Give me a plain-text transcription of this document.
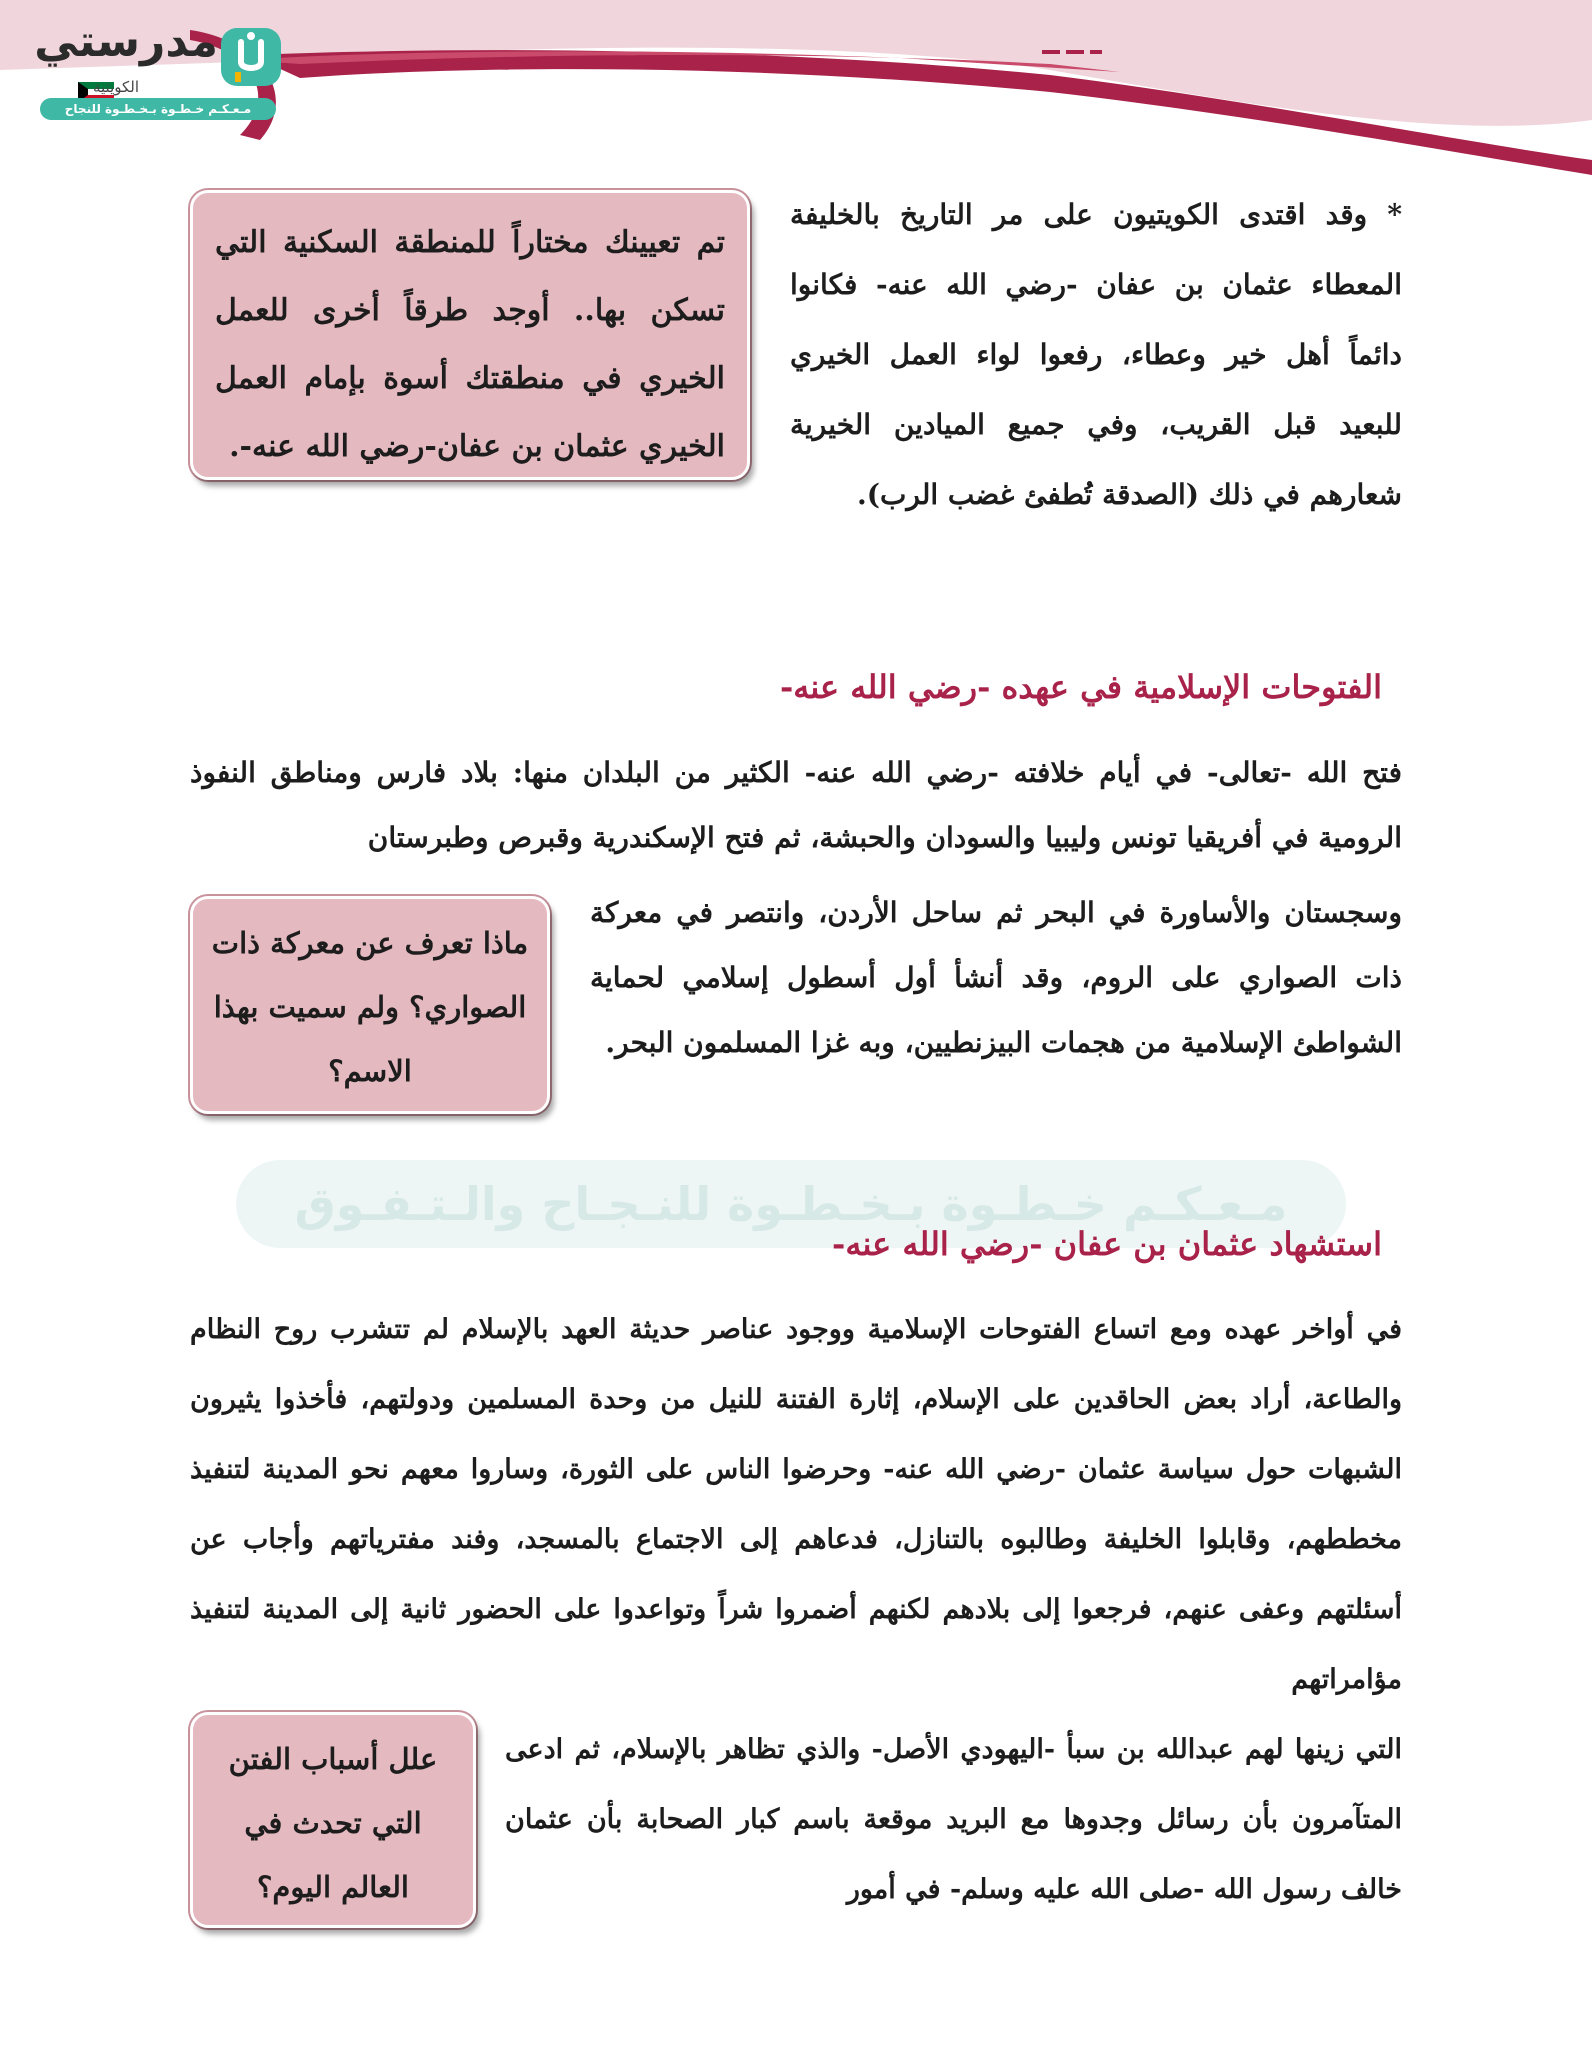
مدرستي
الكويتية
مـعـكـم خـطـوة بـخـطـوة للنجاح والتفوق
مـعـكـم خـطـوة بـخـطـوة للنـجـاح والـتـفـوق

* وقد اقتدى الكويتيون على مر التاريخ بالخليفة المعطاء عثمان بن عفان -رضي الله عنه- فكانوا دائماً أهل خير وعطاء، رفعوا لواء العمل الخيري للبعيد قبل القريب، وفي جميع الميادين الخيرية شعارهم في ذلك (الصدقة تُطفئ غضب الرب).

تم تعيينك مختاراً للمنطقة السكنية التي تسكن بها.. أوجد طرقاً أخرى للعمل الخيري في منطقتك أسوة بإمام العمل الخيري عثمان بن عفان-رضي الله عنه-.
الفتوحات الإسلامية في عهده -رضي الله عنه-

فتح الله -تعالى- في أيام خلافته -رضي الله عنه- الكثير من البلدان منها: بلاد فارس ومناطق النفوذ الرومية في أفريقيا تونس وليبيا والسودان والحبشة، ثم فتح الإسكندرية وقبرص وطبرستان

وسجستان والأساورة في البحر ثم ساحل الأردن، وانتصر في معركة ذات الصواري على الروم، وقد أنشأ أول أسطول إسلامي لحماية الشواطئ الإسلامية من هجمات البيزنطيين، وبه غزا المسلمون البحر.

ماذا تعرف عن معركة ذات الصواري؟ ولم سميت بهذا الاسم؟
استشهاد عثمان بن عفان -رضي الله عنه-

في أواخر عهده ومع اتساع الفتوحات الإسلامية ووجود عناصر حديثة العهد بالإسلام لم تتشرب روح النظام والطاعة، أراد بعض الحاقدين على الإسلام، إثارة الفتنة للنيل من وحدة المسلمين ودولتهم، فأخذوا يثيرون الشبهات حول سياسة عثمان -رضي الله عنه- وحرضوا الناس على الثورة، وساروا معهم نحو المدينة لتنفيذ مخططهم، وقابلوا الخليفة وطالبوه بالتنازل، فدعاهم إلى الاجتماع بالمسجد، وفند مفترياتهم وأجاب عن أسئلتهم وعفى عنهم، فرجعوا إلى بلادهم لكنهم أضمروا شراً وتواعدوا على الحضور ثانية إلى المدينة لتنفيذ مؤامراتهم

التي زينها لهم عبدالله بن سبأ -اليهودي الأصل- والذي تظاهر بالإسلام، ثم ادعى المتآمرون بأن رسائل وجدوها مع البريد موقعة باسم كبار الصحابة بأن عثمان خالف رسول الله -صلى الله عليه وسلم- في أمور

علل أسباب الفتن التي تحدث في العالم اليوم؟
